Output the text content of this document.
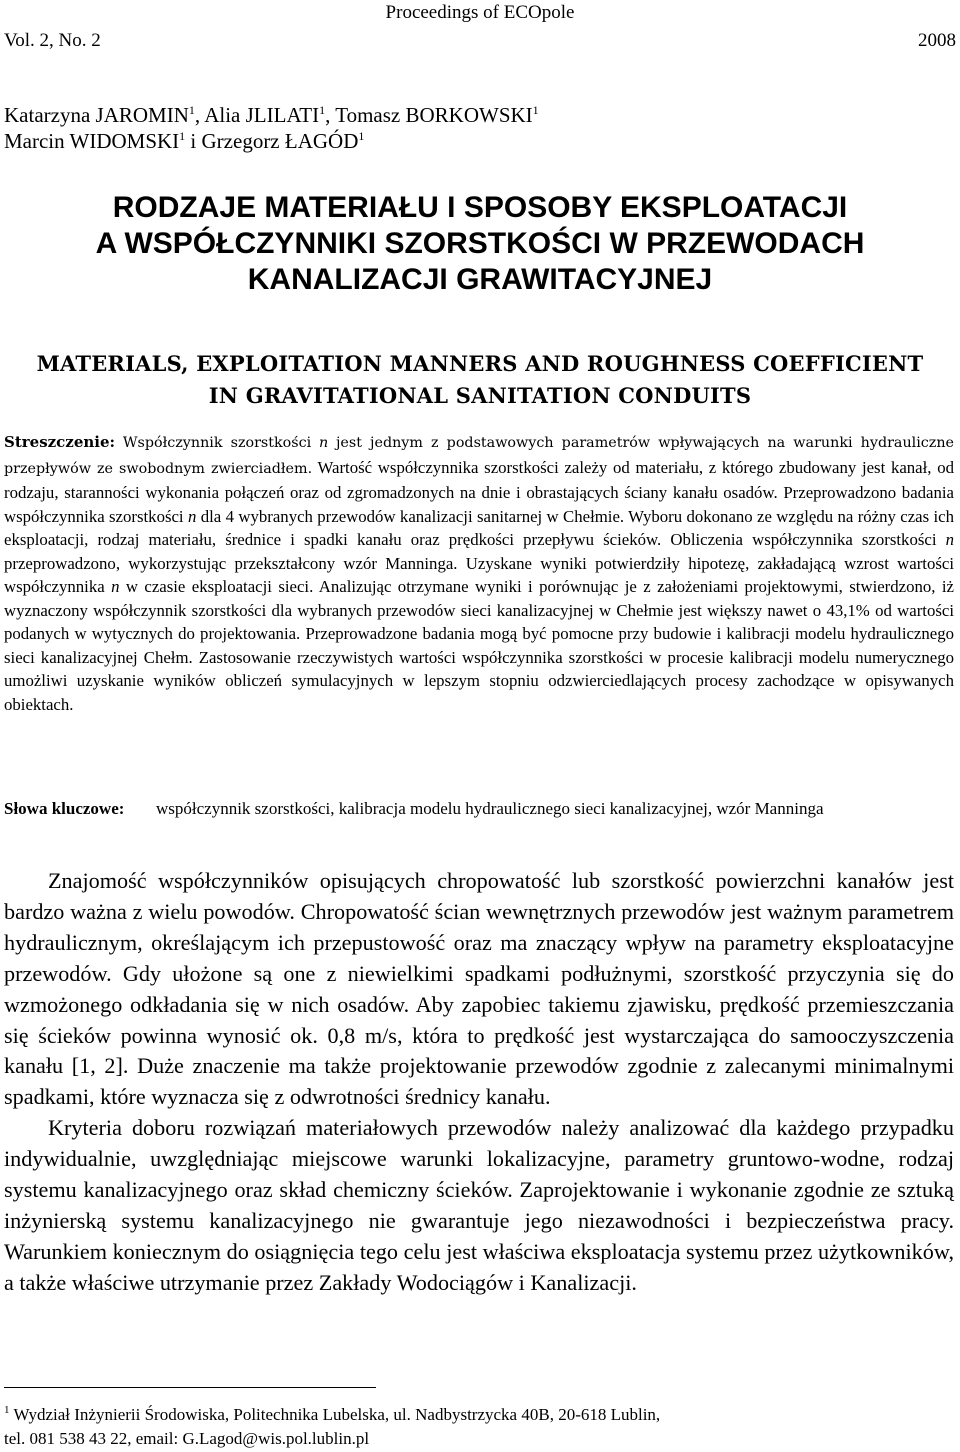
Proceedings of ECOpole
Vol. 2, No. 2	2008
Katarzyna JAROMIN$^1$, Alia JLILATI$^1$, Tomasz BORKOWSKI$^1$
Marcin WIDOMSKI$^1$ i Grzegorz ŁAGÓD$^1$
RODZAJE MATERIAŁU I SPOSOBY EKSPLOATACJI
A WSPÓŁCZYNNIKI SZORSTKOŚCI W PRZEWODACH
KANALIZACJI GRAWITACYJNEJ
MATERIALS, EXPLOITATION MANNERS AND ROUGHNESS COEFFICIENT
IN GRAVITATIONAL SANITATION CONDUITS
Streszczenie: Współczynnik szorstkości n jest jednym z podstawowych parametrów wpływających na warunki hydrauliczne przepływów ze swobodnym zwierciadłem. Wartość współczynnika szorstkości zależy od materiału, z którego zbudowany jest kanał, od rodzaju, staranności wykonania połączeń oraz od zgromadzonych na dnie i obrastających ściany kanału osadów. Przeprowadzono badania współczynnika szorstkości n dla 4 wybranych przewodów kanalizacji sanitarnej w Chełmie. Wyboru dokonano ze względu na różny czas ich eksploatacji, rodzaj materiału, średnice i spadki kanału oraz prędkości przepływu ścieków. Obliczenia współczynnika szorstkości n przeprowadzono, wykorzystując przekształcony wzór Manninga. Uzyskane wyniki potwierdziły hipotezę, zakładającą wzrost wartości współczynnika n w czasie eksploatacji sieci. Analizując otrzymane wyniki i porównując je z założeniami projektowymi, stwierdzono, iż wyznaczony współczynnik szorstkości dla wybranych przewodów sieci kanalizacyjnej w Chełmie jest większy nawet o 43,1% od wartości podanych w wytycznych do projektowania. Przeprowadzone badania mogą być pomocne przy budowie i kalibracji modelu hydraulicznego sieci kanalizacyjnej Chełm. Zastosowanie rzeczywistych wartości współczynnika szorstkości w procesie kalibracji modelu numerycznego umożliwi uzyskanie wyników obliczeń symulacyjnych w lepszym stopniu odzwierciedlających procesy zachodzące w opisywanych obiektach.
Słowa kluczowe: współczynnik szorstkości, kalibracja modelu hydraulicznego sieci kanalizacyjnej, wzór Manninga

Znajomość współczynników opisujących chropowatość lub szorstkość powierzchni kanałów jest bardzo ważna z wielu powodów. Chropowatość ścian wewnętrznych przewodów jest ważnym parametrem hydraulicznym, określającym ich przepustowość oraz ma znaczący wpływ na parametry eksploatacyjne przewodów. Gdy ułożone są one z niewielkimi spadkami podłużnymi, szorstkość przyczynia się do wzmożonego odkładania się w nich osadów. Aby zapobiec takiemu zjawisku, prędkość przemieszczania się ścieków powinna wynosić ok. 0,8 m/s, która to prędkość jest wystarczająca do samooczyszczenia kanału [1, 2]. Duże znaczenie ma także projektowanie przewodów zgodnie z zalecanymi minimalnymi spadkami, które wyznacza się z odwrotności średnicy kanału.

Kryteria doboru rozwiązań materiałowych przewodów należy analizować dla każdego przypadku indywidualnie, uwzględniając miejscowe warunki lokalizacyjne, parametry gruntowo-wodne, rodzaj systemu kanalizacyjnego oraz skład chemiczny ścieków. Zaprojektowanie i wykonanie zgodnie ze sztuką inżynierską systemu kanalizacyjnego nie gwarantuje jego niezawodności i bezpieczeństwa pracy. Warunkiem koniecznym do osiągnięcia tego celu jest właściwa eksploatacja systemu przez użytkowników, a także właściwe utrzymanie przez Zakłady Wodociągów i Kanalizacji.

$^1$ Wydział Inżynierii Środowiska, Politechnika Lubelska, ul. Nadbystrzycka 40B, 20-618 Lublin,
tel. 081 538 43 22, email: G.Lagod@wis.pol.lublin.pl
